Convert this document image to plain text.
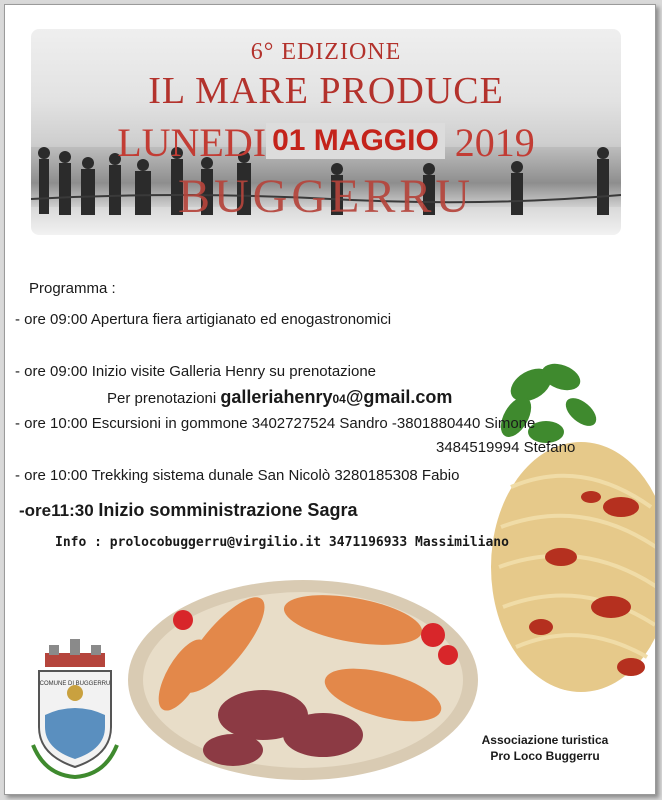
6° EDIZIONE
IL MARE PRODUCE
LUNEDI 01 MAGGIO 2019
BUGGERRU
Programma :
- ore 09:00 Apertura fiera artigianato ed enogastronomici
- ore 09:00 Inizio visite Galleria Henry su prenotazione
Per prenotazioni galleriahenry04@gmail.com
- ore 10:00 Escursioni in gommone 3402727524 Sandro -3801880440 Simone
3484519994 Stefano
- ore 10:00 Trekking sistema dunale San Nicolò 3280185308 Fabio
-ore11:30 Inizio somministrazione Sagra
Info : prolocobuggerru@virgilio.it 3471196933 Massimiliano
COMUNE DI BUGGERRU
Associazione turistica
Pro Loco Buggerru
